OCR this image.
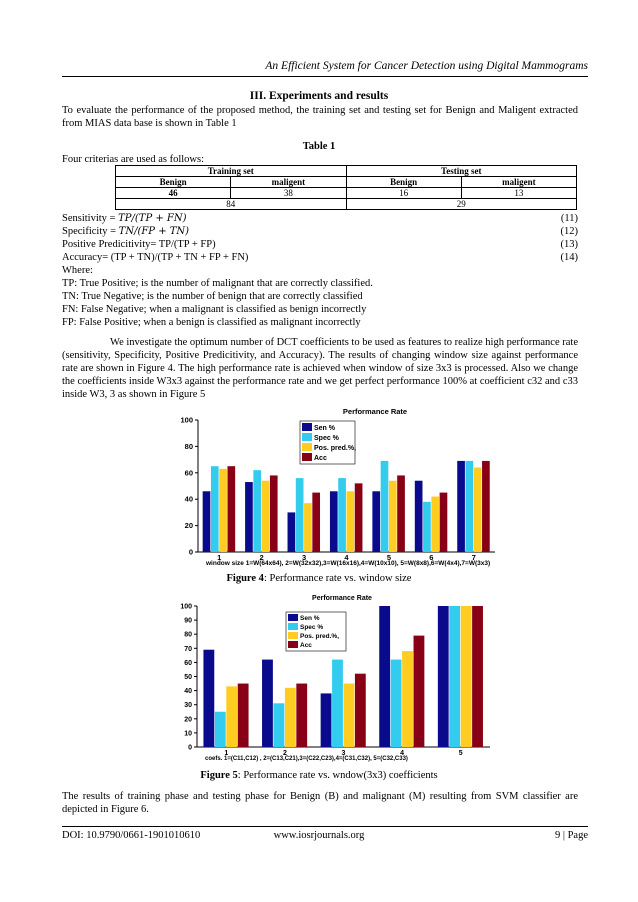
An Efficient System for Cancer Detection using Digital Mammograms
III. Experiments and results
To evaluate the performance of the proposed method, the training set and testing set for Benign and Maligent extracted from MIAS data base is shown in Table 1
Table 1
Four criterias are used as follows:
Training set		Testing set	
Benign	maligent	Benign	maligent
46	38	16	13
84		29	
Sensitivity = TP/(TP + FN)	(11)
Specificity = TN/(FP + TN)	(12)
Positive Predicitivity= TP/(TP + FP)	(13)
Accuracy= (TP + TN)/(TP + TN + FP + FN)	(14)
Where:
TP: True Positive; is the number of malignant that are correctly classified.
TN: True Negative; is the number of benign that are correctly classified
FN: False Negative; when a malignant is classified as benign incorrectly
FP: False Positive; when a benign is classified as malignant incorrectly
We investigate the optimum number of DCT coefficients to be used as features to realize high performance rate (sensitivity, Specificity, Positive Predicitivity, and Accuracy). The results of changing window size against performance rate are shown in Figure 4. The high performance rate is achieved when window of size 3x3 is processed. Also we change the coefficients inside W3x3 against the performance rate and we get perfect performance 100% at coefficient c32 and c33 inside W3, 3 as shown in Figure 5
0
20
40
60
80
100
1	2	3	4	5	6	7
Performance Rate
Sen %
Spec %
Pos. pred.%,
Acc
window size 1=W(64x64), 2=W(32x32),3=W(16x16),4=W(10x10), 5=W(8x8),6=W(4x4),7=W(3x3)
Figure 4: Performance rate vs. window size
0
10
20
30
40
50
60
70
80
90
100
1	2	3	4	5
Performance Rate
Sen %
Spec %
Pos. pred.%,
Acc
coefs. 1=(C11,C12) , 2=(C13,C21),3=(C22,C23),4=(C31,C32), 5=(C32,C33)
Figure 5: Performance rate vs. wndow(3x3) coefficients
The results of training phase and testing phase for Benign (B) and malignant (M) resulting from SVM classifier are depicted in Figure 6.
DOI: 10.9790/0661-1901010610	www.iosrjournals.org	9 | Page
